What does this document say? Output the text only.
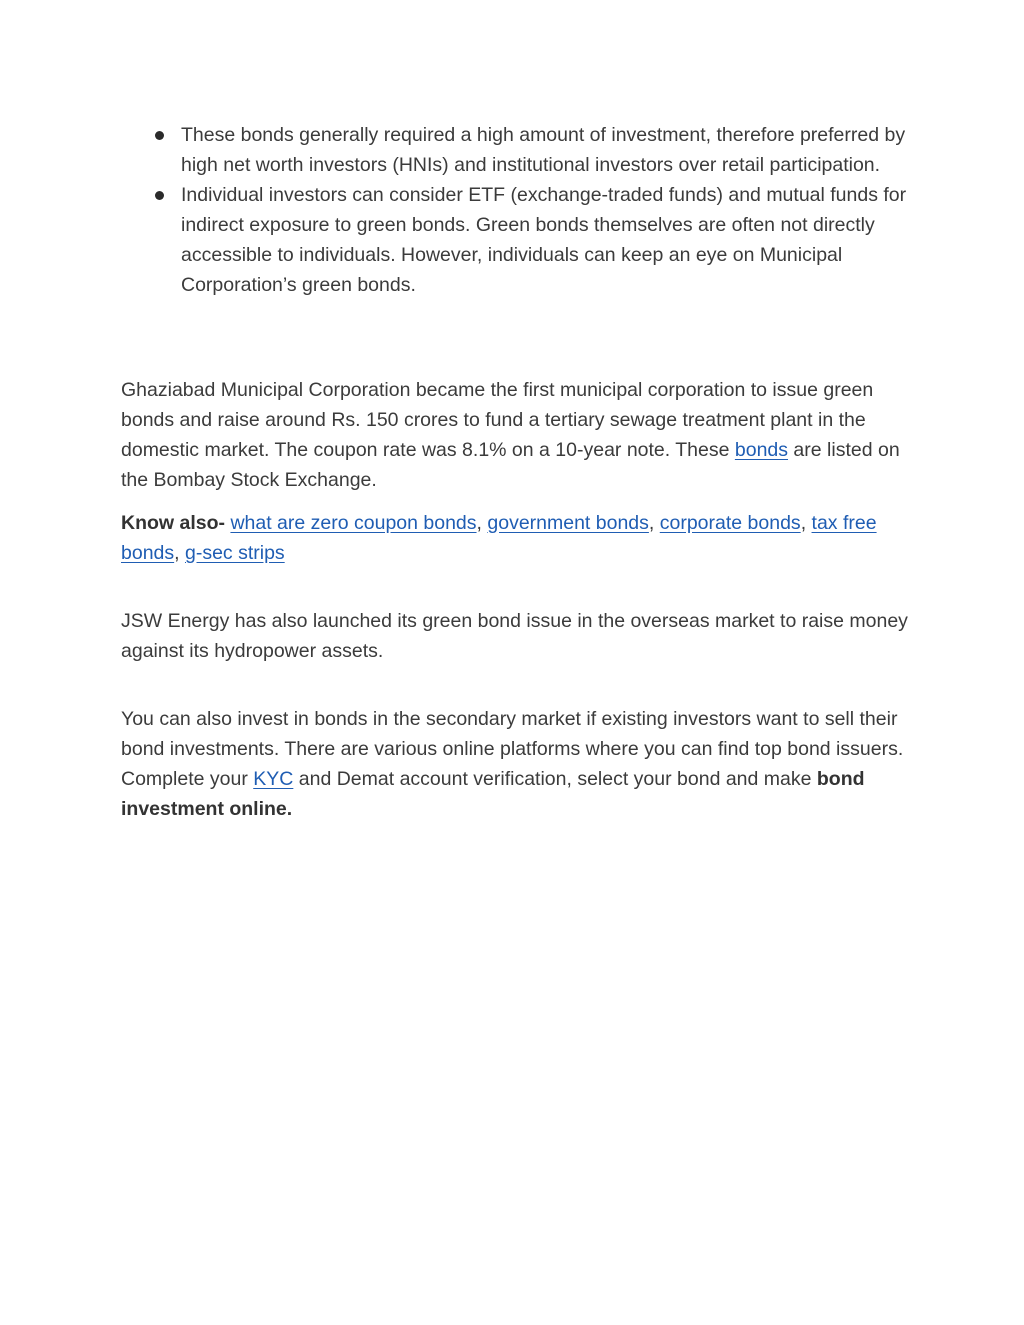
These bonds generally required a high amount of investment, therefore preferred by high net worth investors (HNIs) and institutional investors over retail participation.
Individual investors can consider ETF (exchange-traded funds) and mutual funds for indirect exposure to green bonds. Green bonds themselves are often not directly accessible to individuals. However, individuals can keep an eye on Municipal Corporation’s green bonds.

Ghaziabad Municipal Corporation became the first municipal corporation to issue green bonds and raise around Rs. 150 crores to fund a tertiary sewage treatment plant in the domestic market. The coupon rate was 8.1% on a 10-year note. These bonds are listed on the Bombay Stock Exchange.

Know also- what are zero coupon bonds, government bonds, corporate bonds, tax free bonds, g-sec strips

JSW Energy has also launched its green bond issue in the overseas market to raise money against its hydropower assets.

You can also invest in bonds in the secondary market if existing investors want to sell their bond investments. There are various online platforms where you can find top bond issuers. Complete your KYC and Demat account verification, select your bond and make bond investment online.
